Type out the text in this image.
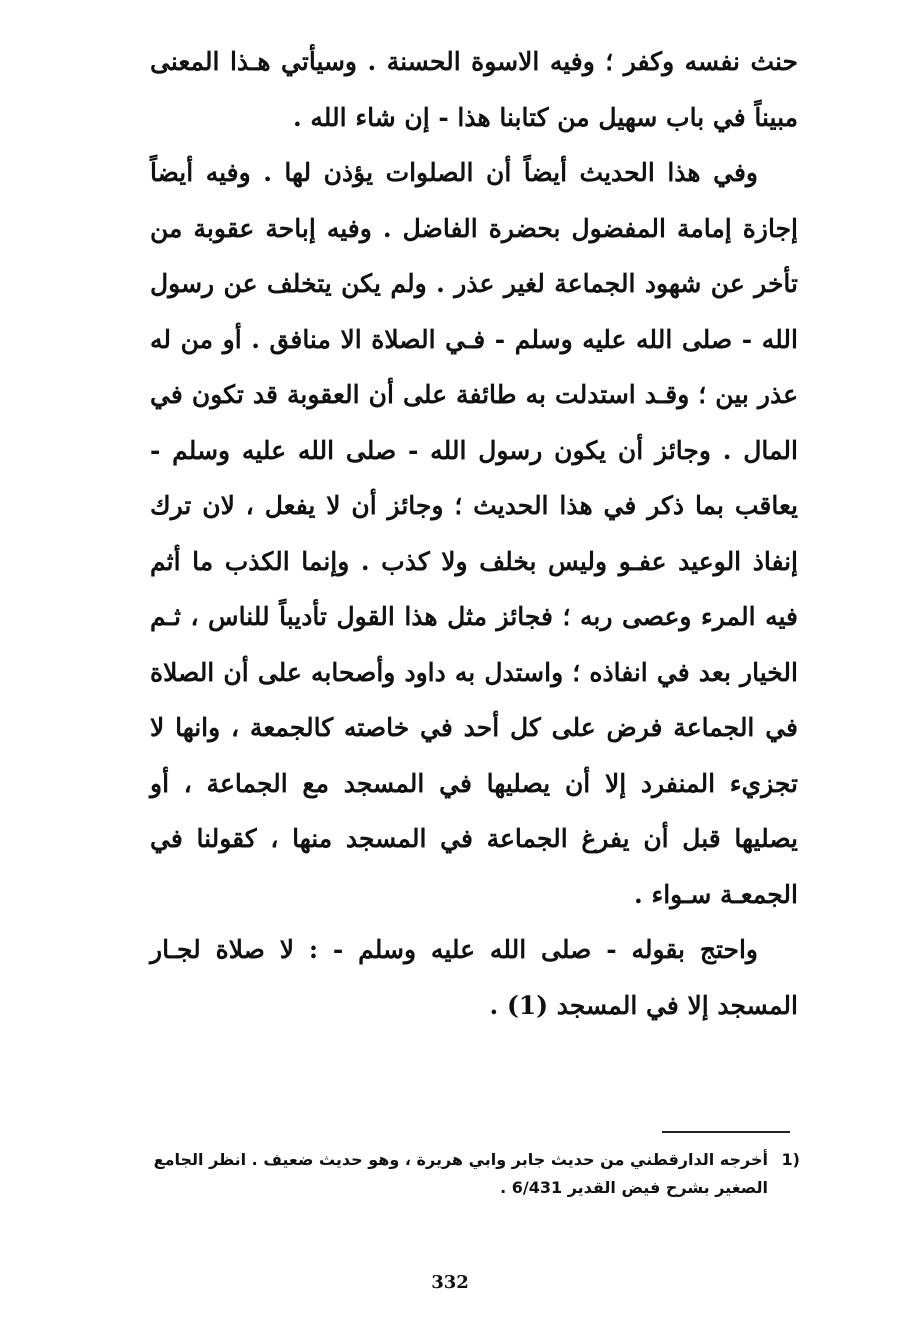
حنث نفسه وكفر ؛ وفيه الاسوة الحسنة . وسيأتي هـذا المعنى مبيناً في باب سهيل من كتابنا هذا - إن شاء الله .

وفي هذا الحديث أيضاً أن الصلوات يؤذن لها . وفيه أيضاً إجازة إمامة المفضول بحضرة الفاضل . وفيه إباحة عقوبة من تأخر عن شهود الجماعة لغير عذر . ولم يكن يتخلف عن رسول الله - صلى الله عليه وسلم - فـي الصلاة الا منافق . أو من له عذر بين ؛ وقـد استدلت به طائفة على أن العقوبة قد تكون في المال . وجائز أن يكون رسول الله - صلى الله عليه وسلم - يعاقب بما ذكر في هذا الحديث ؛ وجائز أن لا يفعل ، لان ترك إنفاذ الوعيد عفـو وليس بخلف ولا كذب . وإنما الكذب ما أثم فيه المرء وعصى ربه ؛ فجائز مثل هذا القول تأديباً للناس ، ثـم الخيار بعد في انفاذه ؛ واستدل به داود وأصحابه على أن الصلاة في الجماعة فرض على كل أحد في خاصته كالجمعة ، وانها لا تجزيء المنفرد إلا أن يصليها في المسجد مع الجماعة ، أو يصليها قبل أن يفرغ الجماعة في المسجد منها ، كقولنا في الجمعـة سـواء .

واحتج بقوله - صلى الله عليه وسلم - : لا صلاة لجـار المسجد إلا في المسجد (1) .

1)
أخرجه الدارقطني من حديث جابر وابي هريرة ، وهو حديث ضعيف . انظر الجامع الصغير بشرح فيض القدير 6/431 .
332
